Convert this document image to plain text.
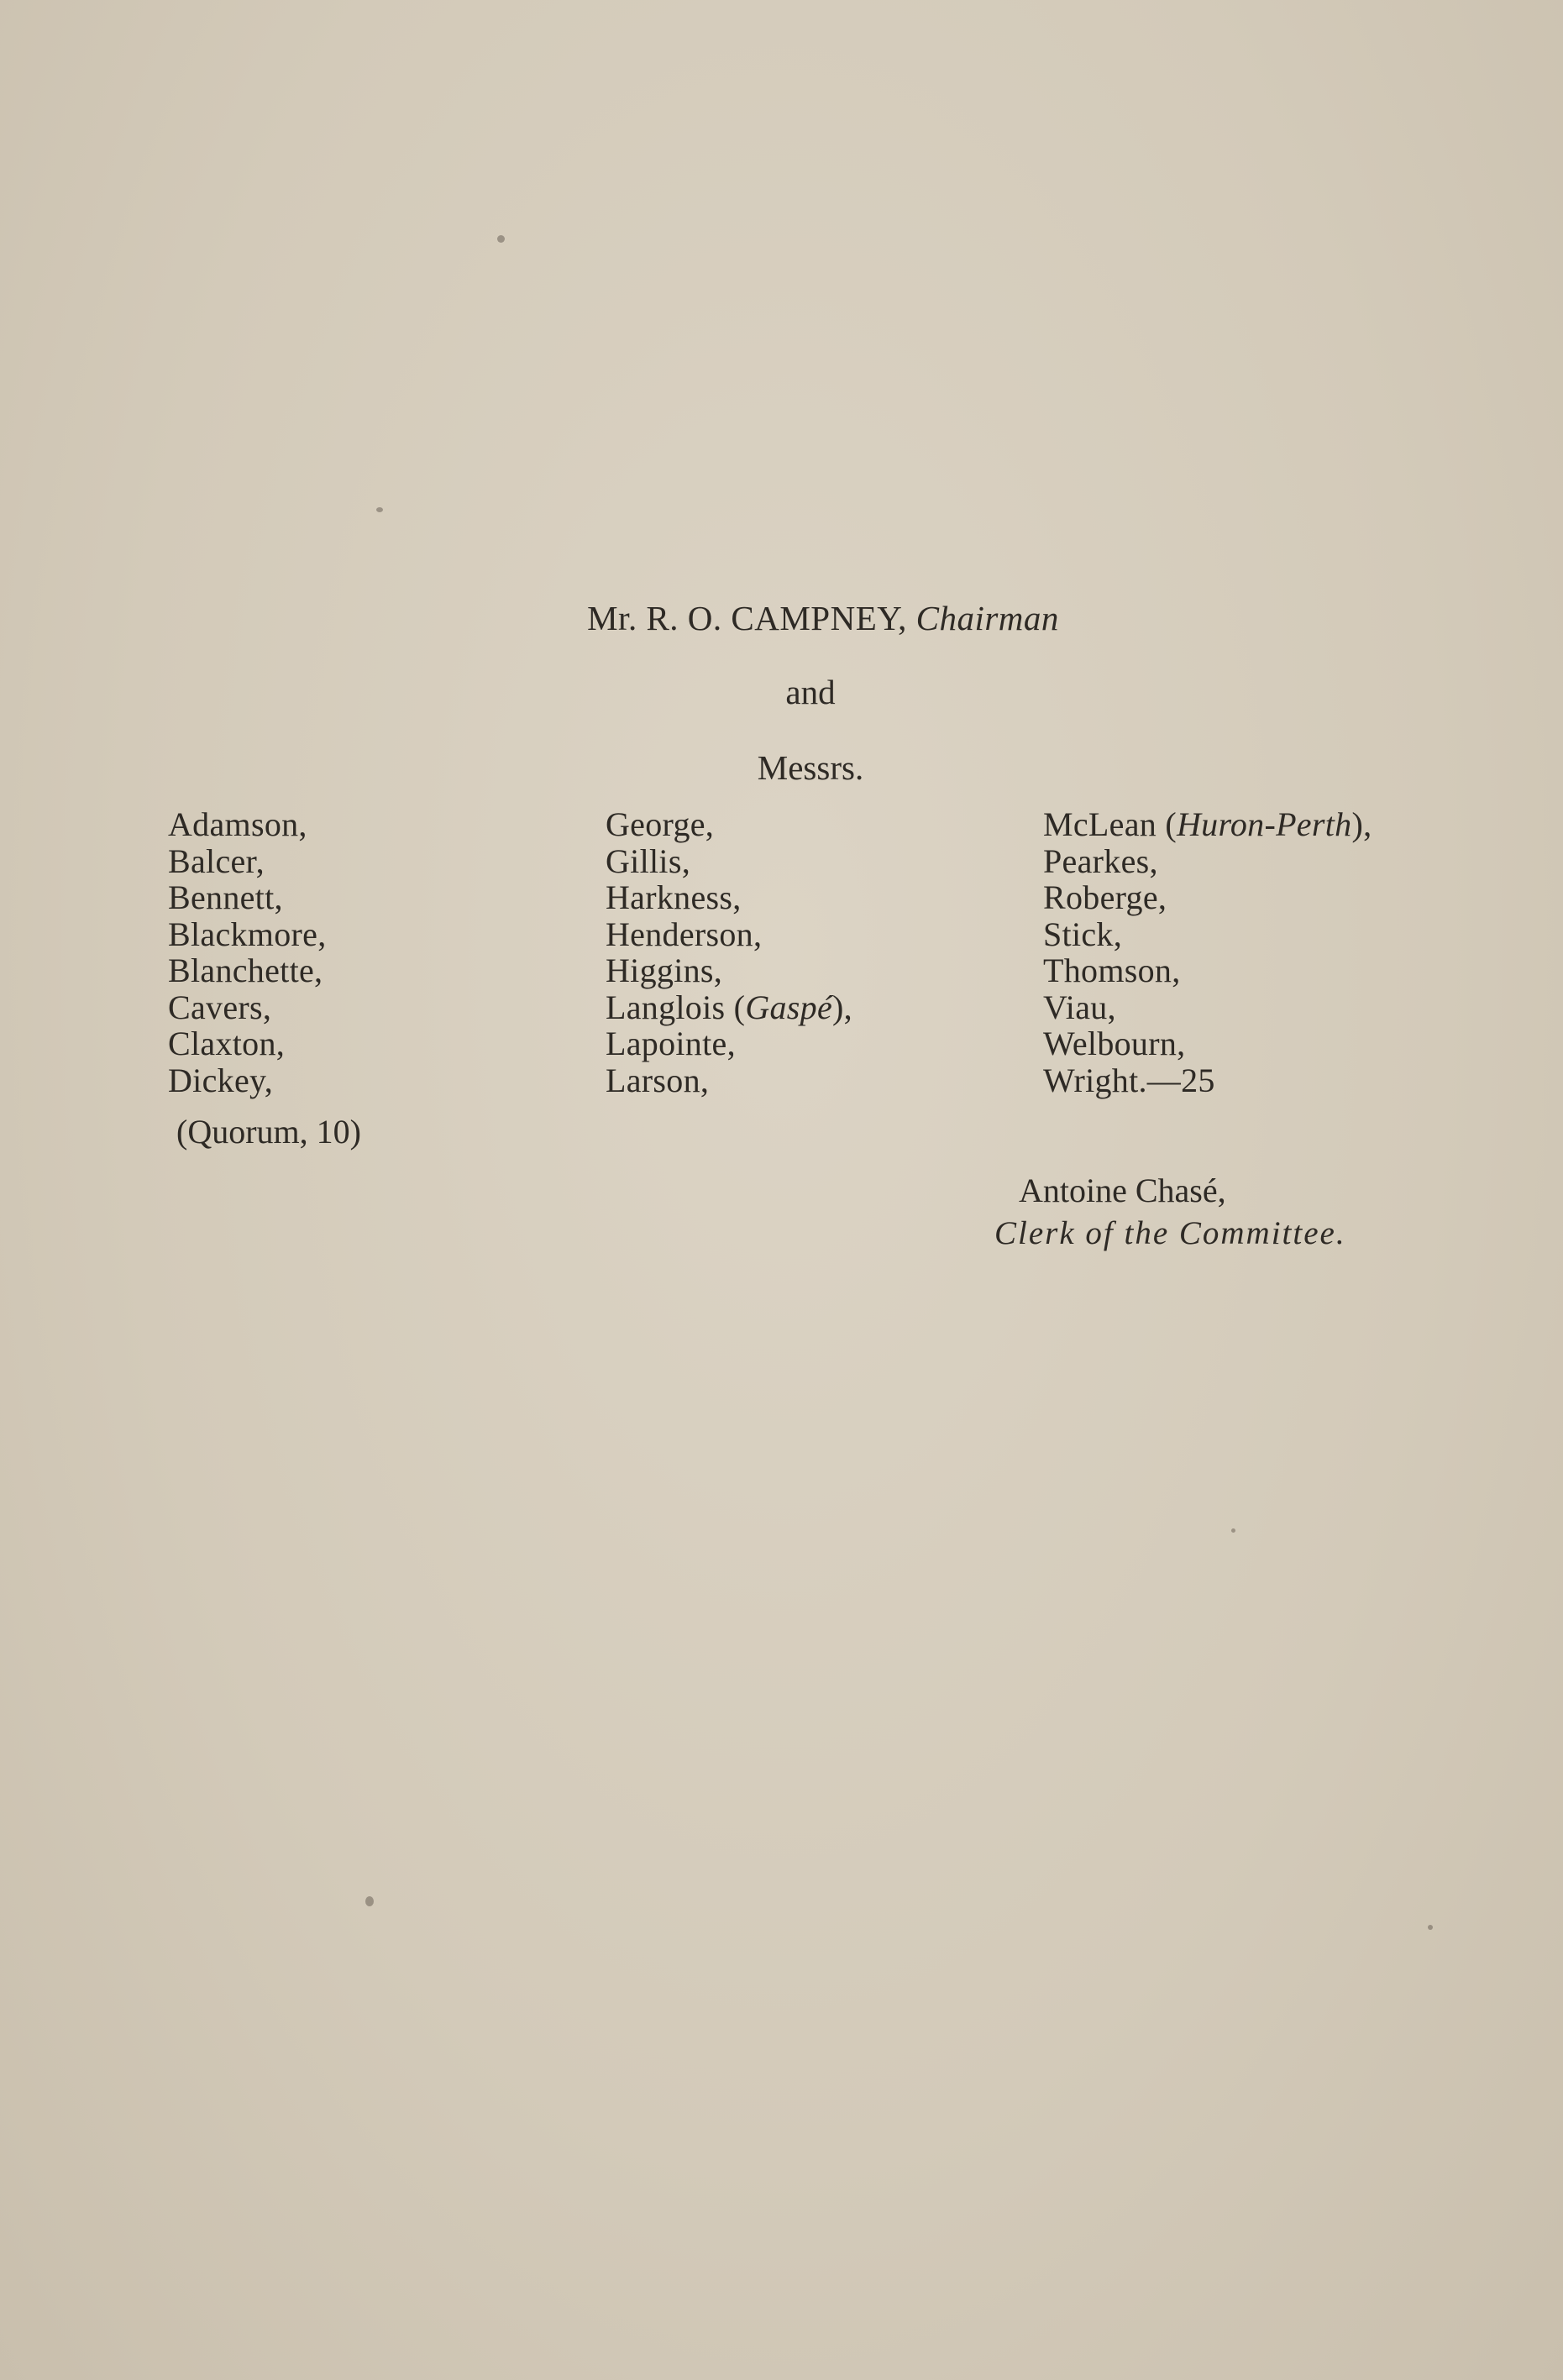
Mr. R. O. CAMPNEY, Chairman
and
Messrs.
Adamson,
Balcer,
Bennett,
Blackmore,
Blanchette,
Cavers,
Claxton,
Dickey,
George,
Gillis,
Harkness,
Henderson,
Higgins,
Langlois (Gaspé),
Lapointe,
Larson,
McLean (Huron-Perth),
Pearkes,
Roberge,
Stick,
Thomson,
Viau,
Welbourn,
Wright.—25
(Quorum, 10)
Antoine Chasé,
Clerk of the Committee.
